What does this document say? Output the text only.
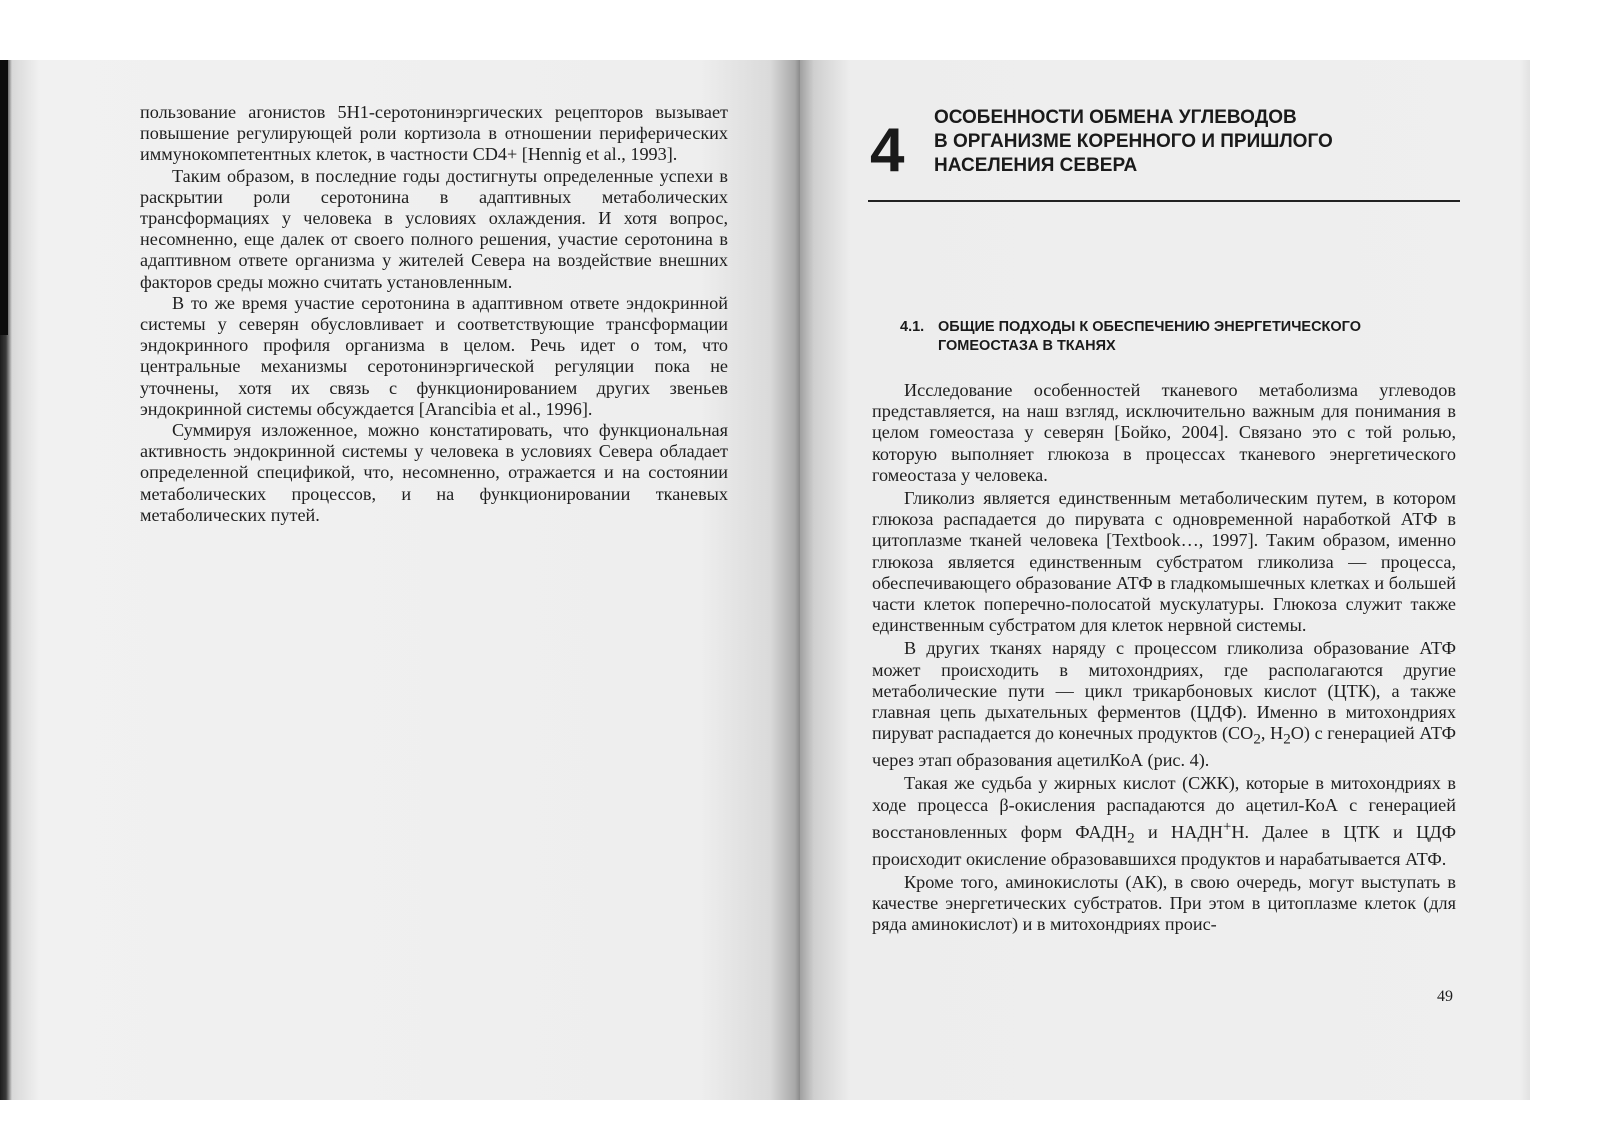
пользование агонистов 5Н1-серотонинэргических рецепторов вызывает повышение регулирующей роли кортизола в отношении периферических иммунокомпетентных клеток, в частности CD4+ [Hennig et al., 1993].

Таким образом, в последние годы достигнуты определенные успехи в раскрытии роли серотонина в адаптивных метаболических трансформациях у человека в условиях охлаждения. И хотя вопрос, несомненно, еще далек от своего полного решения, участие серотонина в адаптивном ответе организма у жителей Севера на воздействие внешних факторов среды можно считать установленным.

В то же время участие серотонина в адаптивном ответе эндокринной системы у северян обусловливает и соответствующие трансформации эндокринного профиля организма в целом. Речь идет о том, что центральные механизмы серотонинэргической регуляции пока не уточнены, хотя их связь с функционированием других звеньев эндокринной системы обсуждается [Arancibia et al., 1996].

Суммируя изложенное, можно констатировать, что функциональная активность эндокринной системы у человека в условиях Севера обладает определенной спецификой, что, несомненно, отражается и на состоянии метаболических процессов, и на функционировании тканевых метаболических путей.

4 ОСОБЕННОСТИ ОБМЕНА УГЛЕВОДОВ
В ОРГАНИЗМЕ КОРЕННОГО И ПРИШЛОГО
НАСЕЛЕНИЯ СЕВЕРА
4.1. ОБЩИЕ ПОДХОДЫ К ОБЕСПЕЧЕНИЮ ЭНЕРГЕТИЧЕСКОГО
ГОМЕОСТАЗА В ТКАНЯХ

Исследование особенностей тканевого метаболизма углеводов представляется, на наш взгляд, исключительно важным для понимания в целом гомеостаза у северян [Бойко, 2004]. Связано это с той ролью, которую выполняет глюкоза в процессах тканевого энергетического гомеостаза у человека.

Гликолиз является единственным метаболическим путем, в котором глюкоза распадается до пирувата с одновременной наработкой АТФ в цитоплазме тканей человека [Textbook…, 1997]. Таким образом, именно глюкоза является единственным субстратом гликолиза — процесса, обеспечивающего образование АТФ в гладкомышечных клетках и большей части клеток поперечно-полосатой мускулатуры. Глюкоза служит также единственным субстратом для клеток нервной системы.

В других тканях наряду с процессом гликолиза образование АТФ может происходить в митохондриях, где располагаются другие метаболические пути — цикл трикарбоновых кислот (ЦТК), а также главная цепь дыхательных ферментов (ЦДФ). Именно в митохондриях пируват распадается до конечных продуктов ($CO_2$, $H_2O$) с генерацией АТФ через этап образования ацетилКоА (рис. 4).

Такая же судьба у жирных кислот (СЖК), которые в митохондриях в ходе процесса β-окисления распадаются до ацетил-КоА с генерацией восстановленных форм $ФАДН_2$ и НАДН+Н. Далее в ЦТК и ЦДФ происходит окисление образовавшихся продуктов и нарабатывается АТФ.

Кроме того, аминокислоты (АК), в свою очередь, могут выступать в качестве энергетических субстратов. При этом в цитоплазме клеток (для ряда аминокислот) и в митохондриях проис-

49
